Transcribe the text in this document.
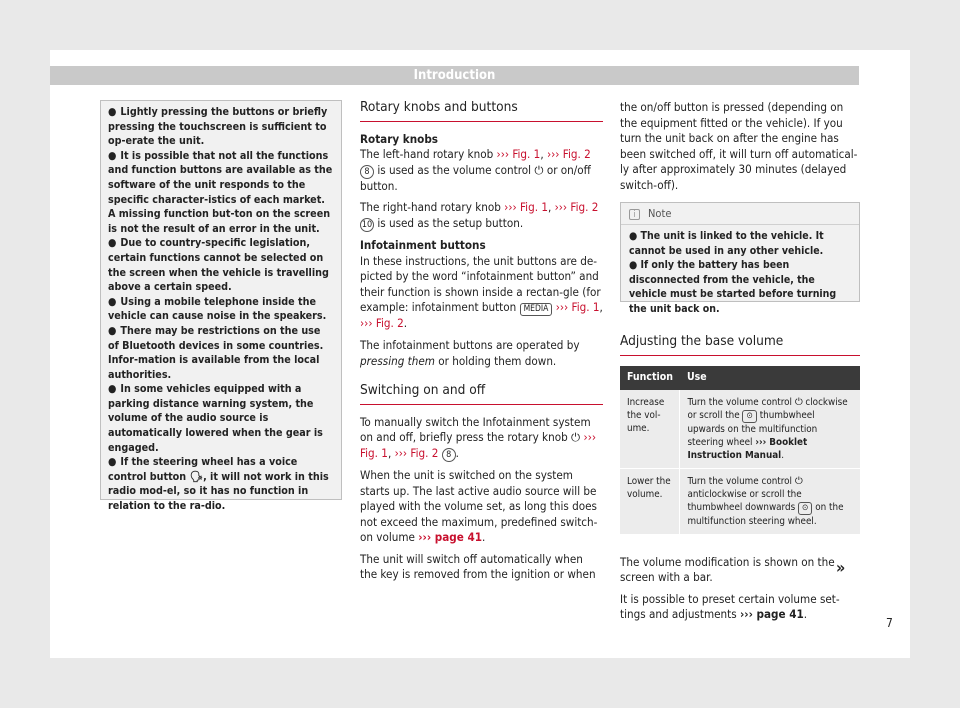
Introduction
● Lightly pressing the buttons or briefly pressing the touchscreen is sufficient to op-erate the unit.
● It is possible that not all the functions and function buttons are available as the software of the unit responds to the specific character-istics of each market. A missing function but-ton on the screen is not the result of an error in the unit.
● Due to country-specific legislation, certain functions cannot be selected on the screen when the vehicle is travelling above a certain speed.
● Using a mobile telephone inside the vehicle can cause noise in the speakers.
● There may be restrictions on the use of Bluetooth devices in some countries. Infor-mation is available from the local authorities.
● In some vehicles equipped with a parking distance warning system, the volume of the audio source is automatically lowered when the gear is engaged.
● If the steering wheel has a voice control button 🗣, it will not work in this radio mod-el, so it has no function in relation to the ra-dio.
Rotary knobs and buttons
Rotary knobs

The left-hand rotary knob ››› Fig. 1, ››› Fig. 2 8 is used as the volume control ⏻ or on/off button.

The right-hand rotary knob ››› Fig. 1, ››› Fig. 2 10 is used as the setup button.

Infotainment buttons

In these instructions, the unit buttons are de-picted by the word “infotainment button” and their function is shown inside a rectan-gle (for example: infotainment button MEDIA ››› Fig. 1, ››› Fig. 2.

The infotainment buttons are operated by pressing them or holding them down.

Switching on and off

To manually switch the Infotainment system on and off, briefly press the rotary knob ⏻ ››› Fig. 1, ››› Fig. 2 8 .

When the unit is switched on the system starts up. The last active audio source will be played with the volume set, as long this does not exceed the maximum, predefined switch-on volume ››› page 41.

The unit will switch off automatically when the key is removed from the ignition or when

the on/off button is pressed (depending on the equipment fitted or the vehicle). If you turn the unit back on after the engine has been switched off, it will turn off automatical-ly after approximately 30 minutes (delayed switch-off).

i Note
● The unit is linked to the vehicle. It cannot be used in any other vehicle.
● If only the battery has been disconnected from the vehicle, the vehicle must be started before turning the unit back on.
Adjusting the base volume
Function	Use
Increase the vol-ume.	Turn the volume control ⏻ clockwise or scroll the ⊙ thumbwheel upwards on the multifunction steering wheel ››› Booklet Instruction Manual.
Lower the volume.	Turn the volume control ⏻ anticlockwise or scroll the thumbwheel downwards ⊙ on the multifunction steering wheel.

The volume modification is shown on the screen with a bar.

It is possible to preset certain volume set-tings and adjustments ››› page 41.

»
7
